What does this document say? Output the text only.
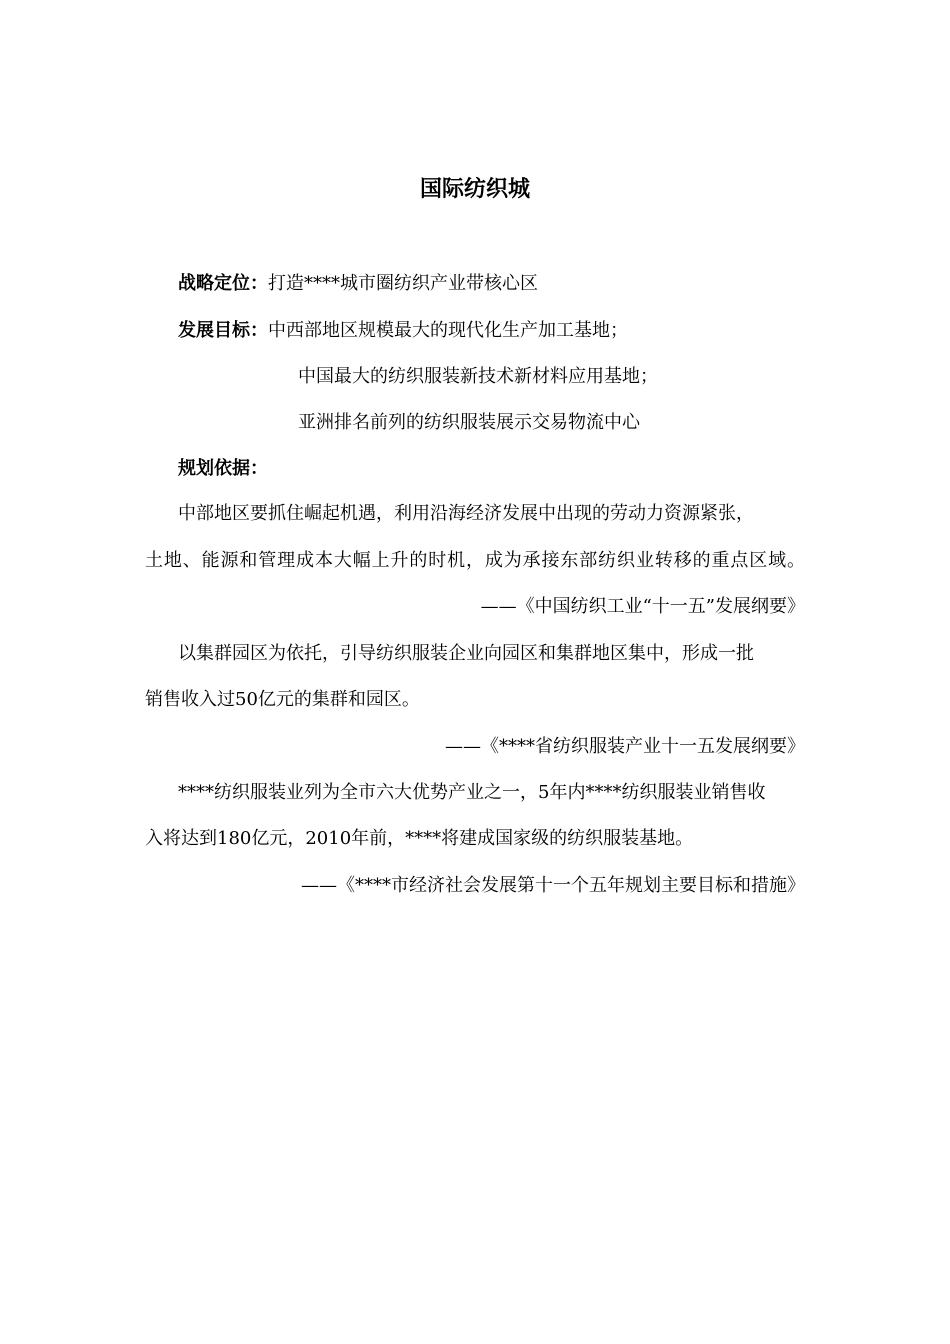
国际纺织城
战略定位：打造****城市圈纺织产业带核心区
发展目标：中西部地区规模最大的现代化生产加工基地；
中国最大的纺织服装新技术新材料应用基地；
亚洲排名前列的纺织服装展示交易物流中心
规划依据：
中部地区要抓住崛起机遇，利用沿海经济发展中出现的劳动力资源紧张，
土地、能源和管理成本大幅上升的时机，成为承接东部纺织业转移的重点区域。
——《中国纺织工业“十一五”发展纲要》
以集群园区为依托，引导纺织服装企业向园区和集群地区集中，形成一批
销售收入过50亿元的集群和园区。
——《****省纺织服装产业十一五发展纲要》
****纺织服装业列为全市六大优势产业之一，5年内****纺织服装业销售收
入将达到180亿元，2010年前，****将建成国家级的纺织服装基地。
——《****市经济社会发展第十一个五年规划主要目标和措施》
